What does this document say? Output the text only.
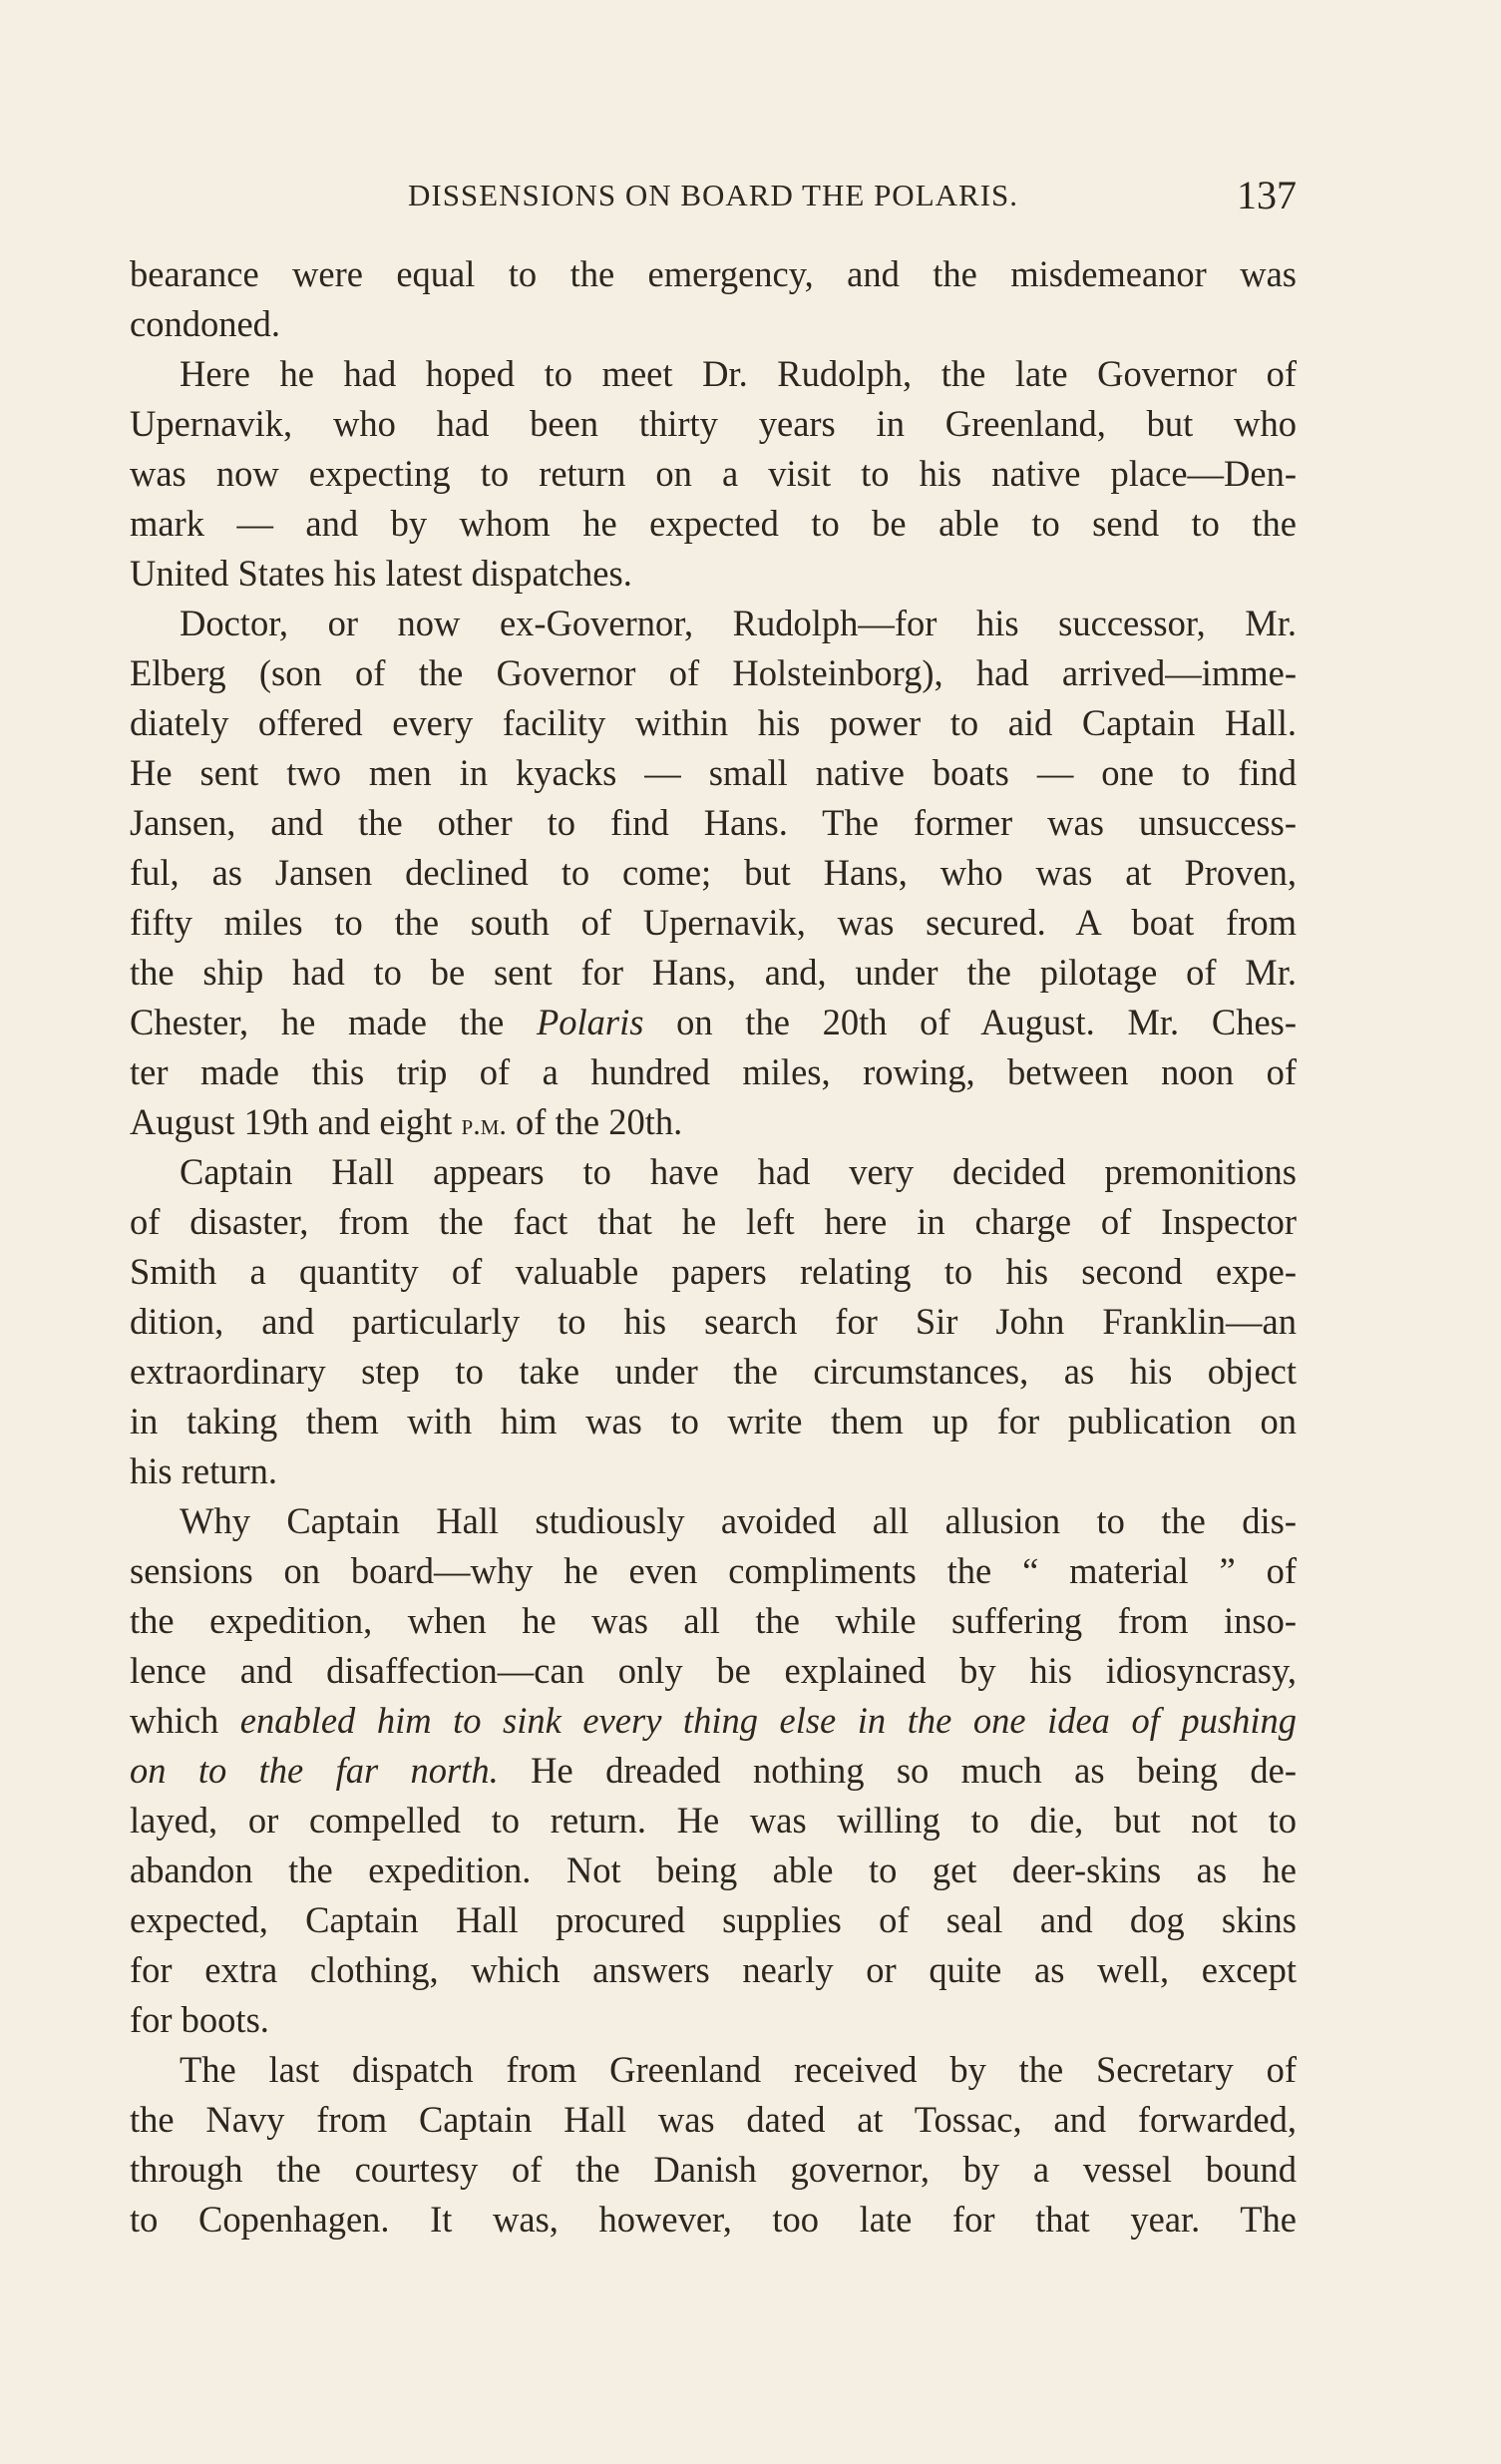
DISSENSIONS ON BOARD THE POLARIS.	137
bearance were equal to the emergency, and the misdemeanor was
condoned.
Here he had hoped to meet Dr. Rudolph, the late Governor of
Upernavik, who had been thirty years in Greenland, but who
was now expecting to return on a visit to his native place—Den-
mark — and by whom he expected to be able to send to the
United States his latest dispatches.
Doctor, or now ex-Governor, Rudolph—for his successor, Mr.
Elberg (son of the Governor of Holsteinborg), had arrived—imme-
diately offered every facility within his power to aid Captain Hall.
He sent two men in kyacks — small native boats — one to find
Jansen, and the other to find Hans. The former was unsuccess-
ful, as Jansen declined to come; but Hans, who was at Proven,
fifty miles to the south of Upernavik, was secured. A boat from
the ship had to be sent for Hans, and, under the pilotage of Mr.
Chester, he made the Polaris on the 20th of August. Mr. Ches-
ter made this trip of a hundred miles, rowing, between noon of
August 19th and eight p.m. of the 20th.
Captain Hall appears to have had very decided premonitions
of disaster, from the fact that he left here in charge of Inspector
Smith a quantity of valuable papers relating to his second expe-
dition, and particularly to his search for Sir John Franklin—an
extraordinary step to take under the circumstances, as his object
in taking them with him was to write them up for publication on
his return.
Why Captain Hall studiously avoided all allusion to the dis-
sensions on board—why he even compliments the “ material ” of
the expedition, when he was all the while suffering from inso-
lence and disaffection—can only be explained by his idiosyncrasy,
which enabled him to sink every thing else in the one idea of pushing
on to the far north. He dreaded nothing so much as being de-
layed, or compelled to return. He was willing to die, but not to
abandon the expedition. Not being able to get deer-skins as he
expected, Captain Hall procured supplies of seal and dog skins
for extra clothing, which answers nearly or quite as well, except
for boots.
The last dispatch from Greenland received by the Secretary of
the Navy from Captain Hall was dated at Tossac, and forwarded,
through the courtesy of the Danish governor, by a vessel bound
to Copenhagen. It was, however, too late for that year. The
